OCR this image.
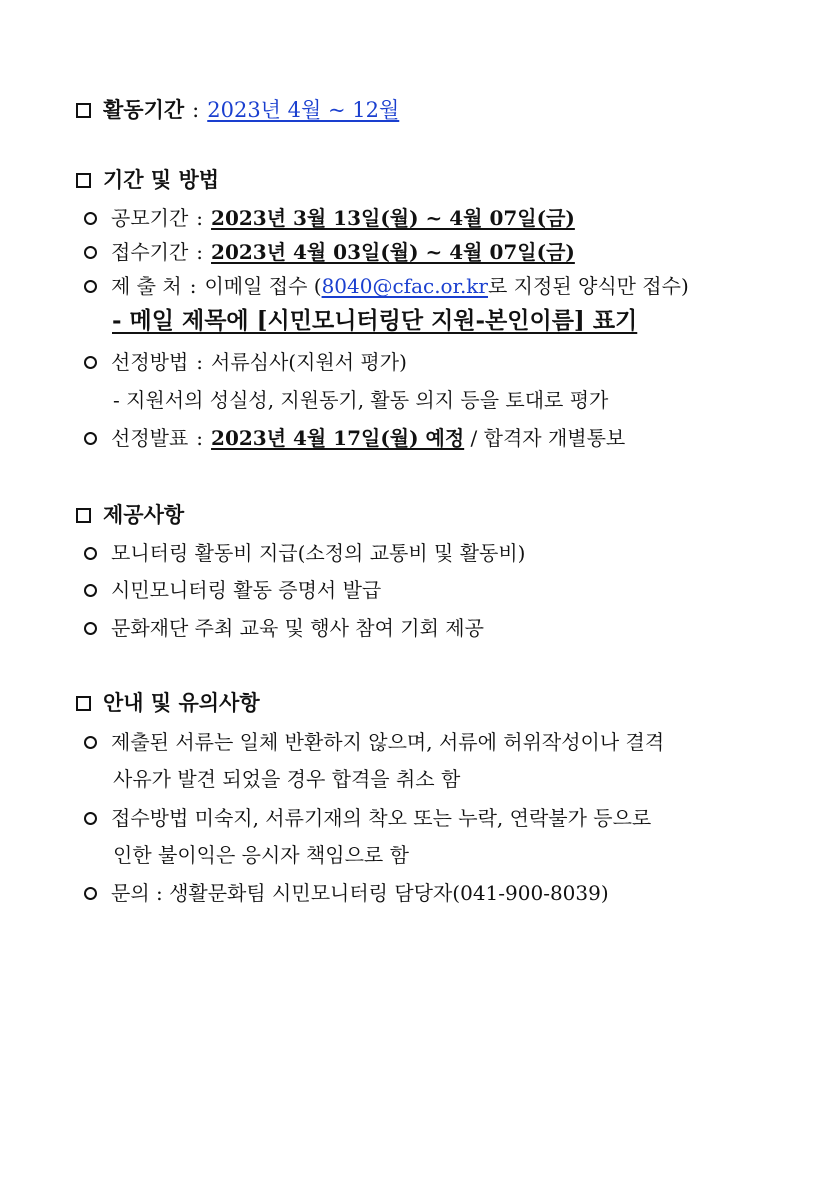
활동기간 : 2023년 4월 ~ 12월
기간 및 방법
공모기간 : 2023년 3월 13일(월) ~ 4월 07일(금)
접수기간 : 2023년 4월 03일(월) ~ 4월 07일(금)
제 출 처 : 이메일 접수 (8040@cfac.or.kr로 지정된 양식만 접수)
- 메일 제목에 [시민모니터링단 지원-본인이름] 표기
선정방법 : 서류심사(지원서 평가)
- 지원서의 성실성, 지원동기, 활동 의지 등을 토대로 평가
선정발표 : 2023년 4월 17일(월) 예정 / 합격자 개별통보
제공사항
모니터링 활동비 지급(소정의 교통비 및 활동비)
시민모니터링 활동 증명서 발급
문화재단 주최 교육 및 행사 참여 기회 제공
안내 및 유의사항
제출된 서류는 일체 반환하지 않으며, 서류에 허위작성이나 결격
사유가 발견 되었을 경우 합격을 취소 함
접수방법 미숙지, 서류기재의 착오 또는 누락, 연락불가 등으로
인한 불이익은 응시자 책임으로 함
문의 : 생활문화팀 시민모니터링 담당자(041-900-8039)
